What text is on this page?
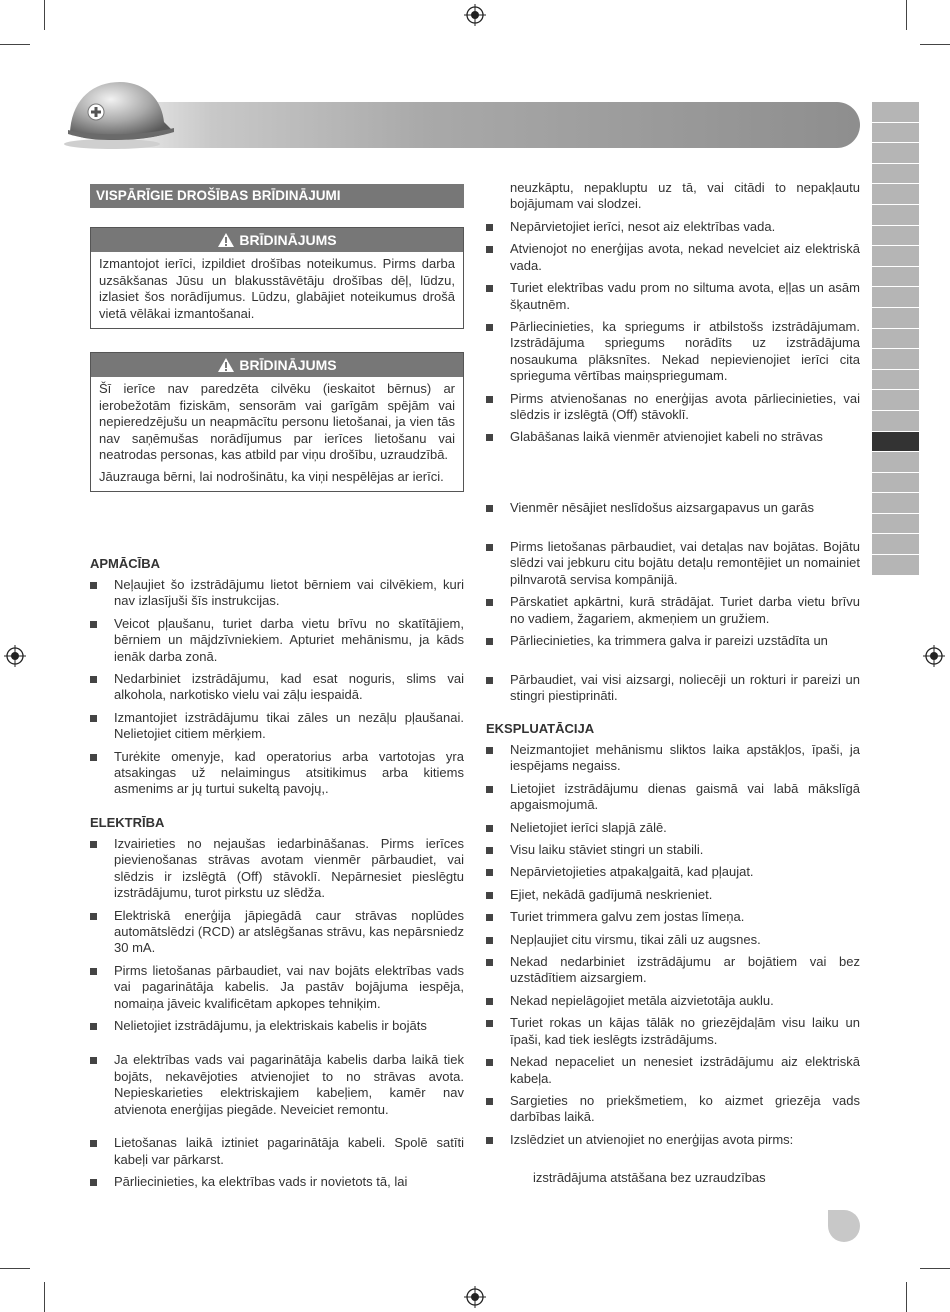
VISPĀRĪGIE DROŠĪBAS BRĪDINĀJUMI
BRĪDINĀJUMS

Izmantojot ierīci, izpildiet drošības noteikumus. Pirms darba uzsākšanas Jūsu un blakusstāvētāju drošības dēļ, lūdzu, izlasiet šos norādījumus. Lūdzu, glabājiet noteikumus drošā vietā vēlākai izmantošanai.

BRĪDINĀJUMS

Šī ierīce nav paredzēta cilvēku (ieskaitot bērnus) ar ierobežotām fiziskām, sensorām vai garīgām spējām vai nepieredzējušu un neapmācītu personu lietošanai, ja vien tās nav saņēmušas norādījumus par ierīces lietošanu vai neatrodas personas, kas atbild par viņu drošību, uzraudzībā.

Jāuzrauga bērni, lai nodrošinātu, ka viņi nespēlējas ar ierīci.

APMĀCĪBA
Neļaujiet šo izstrādājumu lietot bērniem vai cilvēkiem, kuri nav izlasījuši šīs instrukcijas.
Veicot pļaušanu, turiet darba vietu brīvu no skatītājiem, bērniem un mājdzīvniekiem. Apturiet mehānismu, ja kāds ienāk darba zonā.
Nedarbiniet izstrādājumu, kad esat noguris, slims vai alkohola, narkotisko vielu vai zāļu iespaidā.
Izmantojiet izstrādājumu tikai zāles un nezāļu pļaušanai. Nelietojiet citiem mērķiem.
Turėkite omenyje, kad operatorius arba vartotojas yra atsakingas už nelaimingus atsitikimus arba kitiems asmenims ar jų turtui sukeltą pavojų,.
ELEKTRĪBA
Izvairieties no nejaušas iedarbināšanas. Pirms ierīces pievienošanas strāvas avotam vienmēr pārbaudiet, vai slēdzis ir izslēgtā (Off) stāvoklī. Nepārnesiet pieslēgtu izstrādājumu, turot pirkstu uz slēdža.
Elektriskā enerģija jāpiegādā caur strāvas noplūdes automātslēdzi (RCD) ar atslēgšanas strāvu, kas nepārsniedz 30 mA.
Pirms lietošanas pārbaudiet, vai nav bojāts elektrības vads vai pagarinātāja kabelis. Ja pastāv bojājuma iespēja, nomaiņa jāveic kvalificētam apkopes tehniķim.
Nelietojiet izstrādājumu, ja elektriskais kabelis ir bojāts
Ja elektrības vads vai pagarinātāja kabelis darba laikā tiek bojāts, nekavējoties atvienojiet to no strāvas avota. Nepieskarieties elektriskajiem kabeļiem, kamēr nav atvienota enerģijas piegāde. Neveiciet remontu.
Lietošanas laikā iztiniet pagarinātāja kabeli. Spolē satīti kabeļi var pārkarst.
Pārliecinieties, ka elektrības vads ir novietots tā, lai
neuzkāptu, nepakluptu uz tā, vai citādi to nepakļautu bojājumam vai slodzei.
Nepārvietojiet ierīci, nesot aiz elektrības vada.
Atvienojot no enerģijas avota, nekad nevelciet aiz elektriskā vada.
Turiet elektrības vadu prom no siltuma avota, eļļas un asām šķautnēm.
Pārliecinieties, ka spriegums ir atbilstošs izstrādājumam. Izstrādājuma spriegums norādīts uz izstrādājuma nosaukuma plāksnītes. Nekad nepievienojiet ierīci cita sprieguma vērtības maiņspriegumam.
Pirms atvienošanas no enerģijas avota pārliecinieties, vai slēdzis ir izslēgtā (Off) stāvoklī.
Glabāšanas laikā vienmēr atvienojiet kabeli no strāvas
Vienmēr nēsājiet neslīdošus aizsargapavus un garās
Pirms lietošanas pārbaudiet, vai detaļas nav bojātas. Bojātu slēdzi vai jebkuru citu bojātu detaļu remontējiet un nomainiet pilnvarotā servisa kompānijā.
Pārskatiet apkārtni, kurā strādājat. Turiet darba vietu brīvu no vadiem, žagariem, akmeņiem un gružiem.
Pārliecinieties, ka trimmera galva ir pareizi uzstādīta un
Pārbaudiet, vai visi aizsargi, noliecēji un rokturi ir pareizi un stingri piestiprināti.
EKSPLUATĀCIJA
Neizmantojiet mehānismu sliktos laika apstākļos, īpaši, ja iespējams negaiss.
Lietojiet izstrādājumu dienas gaismā vai labā mākslīgā apgaismojumā.
Nelietojiet ierīci slapjā zālē.
Visu laiku stāviet stingri un stabili.
Nepārvietojieties atpakaļgaitā, kad pļaujat.
Ejiet, nekādā gadījumā neskrieniet.
Turiet trimmera galvu zem jostas līmeņa.
Nepļaujiet citu virsmu, tikai zāli uz augsnes.
Nekad nedarbiniet izstrādājumu ar bojātiem vai bez uzstādītiem aizsargiem.
Nekad nepielāgojiet metāla aizvietotāja auklu.
Turiet rokas un kājas tālāk no griezējdaļām visu laiku un īpaši, kad tiek ieslēgts izstrādājums.
Nekad nepaceliet un nenesiet izstrādājumu aiz elektriskā kabeļa.
Sargieties no priekšmetiem, ko aizmet griezēja vads darbības laikā.
Izslēdziet un atvienojiet no enerģijas avota pirms:
izstrādājuma atstāšana bez uzraudzības
